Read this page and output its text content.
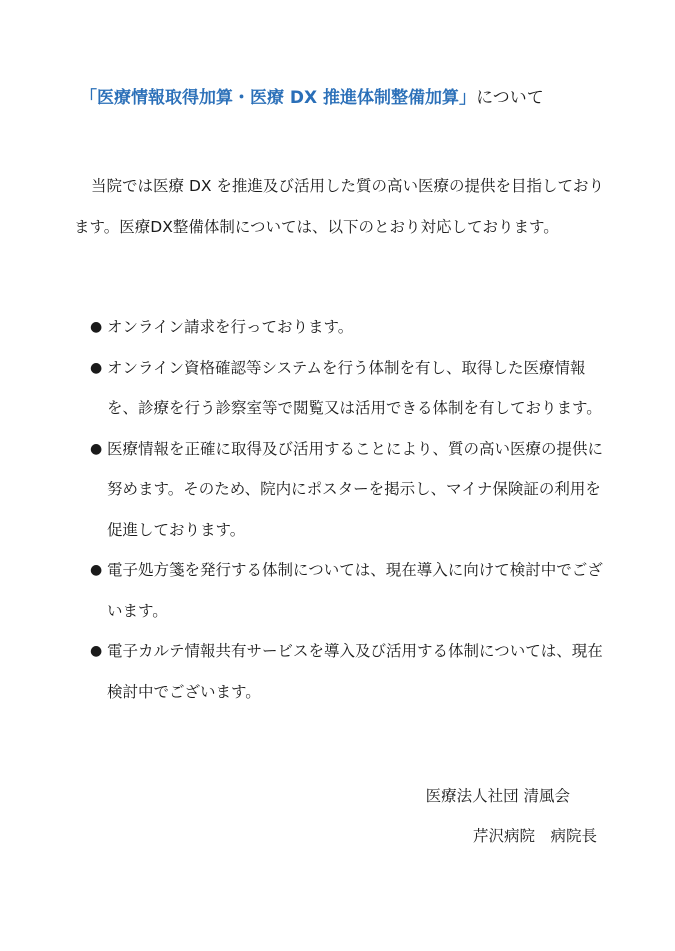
「医療情報取得加算・医療 DX 推進体制整備加算」について

当院では医療 DX を推進及び活用した質の高い医療の提供を目指しております。医療DX整備体制については、以下のとおり対応しております。

● オンライン請求を行っております。
● オンライン資格確認等システムを行う体制を有し、取得した医療情報を、診療を行う診察室等で閲覧又は活用できる体制を有しております。
● 医療情報を正確に取得及び活用することにより、質の高い医療の提供に努めます。そのため、院内にポスターを掲示し、マイナ保険証の利用を促進しております。
● 電子処方箋を発行する体制については、現在導入に向けて検討中でございます。
● 電子カルテ情報共有サービスを導入及び活用する体制については、現在検討中でございます。
医療法人社団 清風会
芹沢病院　病院長
